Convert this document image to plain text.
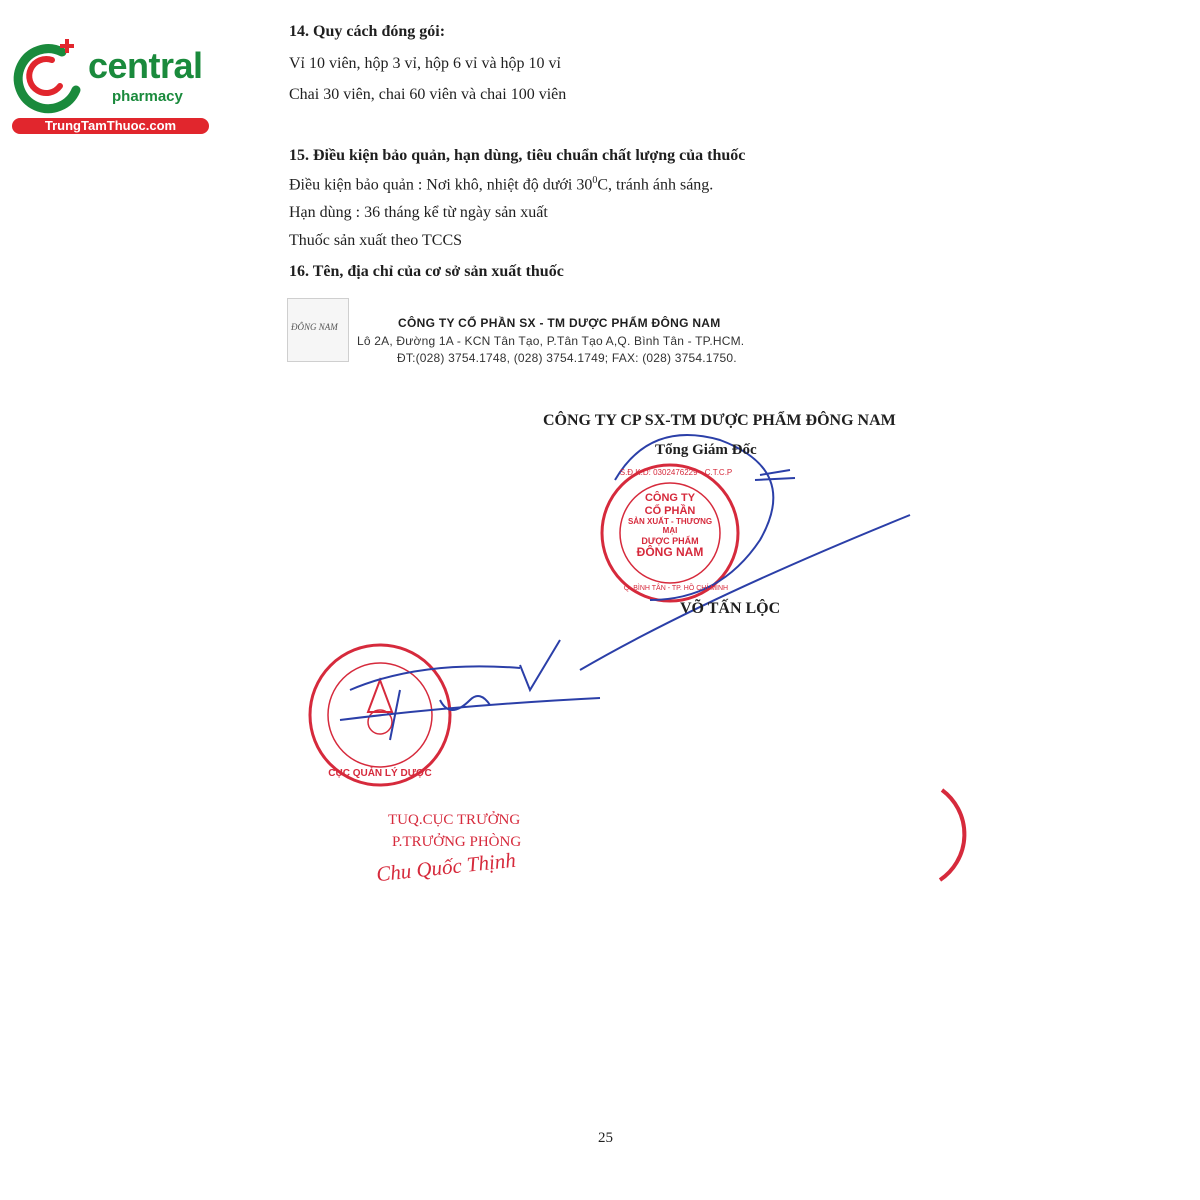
central
pharmacy
TrungTamThuoc.com
14. Quy cách đóng gói:
Vỉ 10 viên, hộp 3 vỉ, hộp 6 vỉ và hộp 10 vỉ
Chai 30 viên, chai 60 viên và chai 100 viên
15. Điều kiện bảo quản, hạn dùng, tiêu chuẩn chất lượng của thuốc
Điều kiện bảo quản : Nơi khô, nhiệt độ dưới $30^0C$, tránh ánh sáng.
Hạn dùng : 36 tháng kể từ ngày sản xuất
Thuốc sản xuất theo TCCS
16. Tên, địa chỉ của cơ sở sản xuất thuốc
ĐÔNG NAM	CÔNG TY CỔ PHẦN SX - TM DƯỢC PHẨM ĐÔNG NAM
Lô 2A, Đường 1A - KCN Tân Tạo, P.Tân Tạo A,Q. Bình Tân - TP.HCM.
ĐT:(028) 3754.1748, (028) 3754.1749; FAX: (028) 3754.1750.
CÔNG TY CP SX-TM DƯỢC PHẨM ĐÔNG NAM
Tổng Giám Đốc
CÔNG TY
CỔ PHẦN
SẢN XUẤT - THƯƠNG MẠI
DƯỢC PHẨM
ĐÔNG NAM
S.Đ.K.D: 0302476229 - C.T.C.P
Q. BÌNH TÂN - TP. HỒ CHÍ MINH
VÕ TẤN LỘC
CỤC QUẢN LÝ DƯỢC
TUQ.CỤC TRƯỞNG
P.TRƯỞNG PHÒNG
Chu Quốc Thịnh
25
